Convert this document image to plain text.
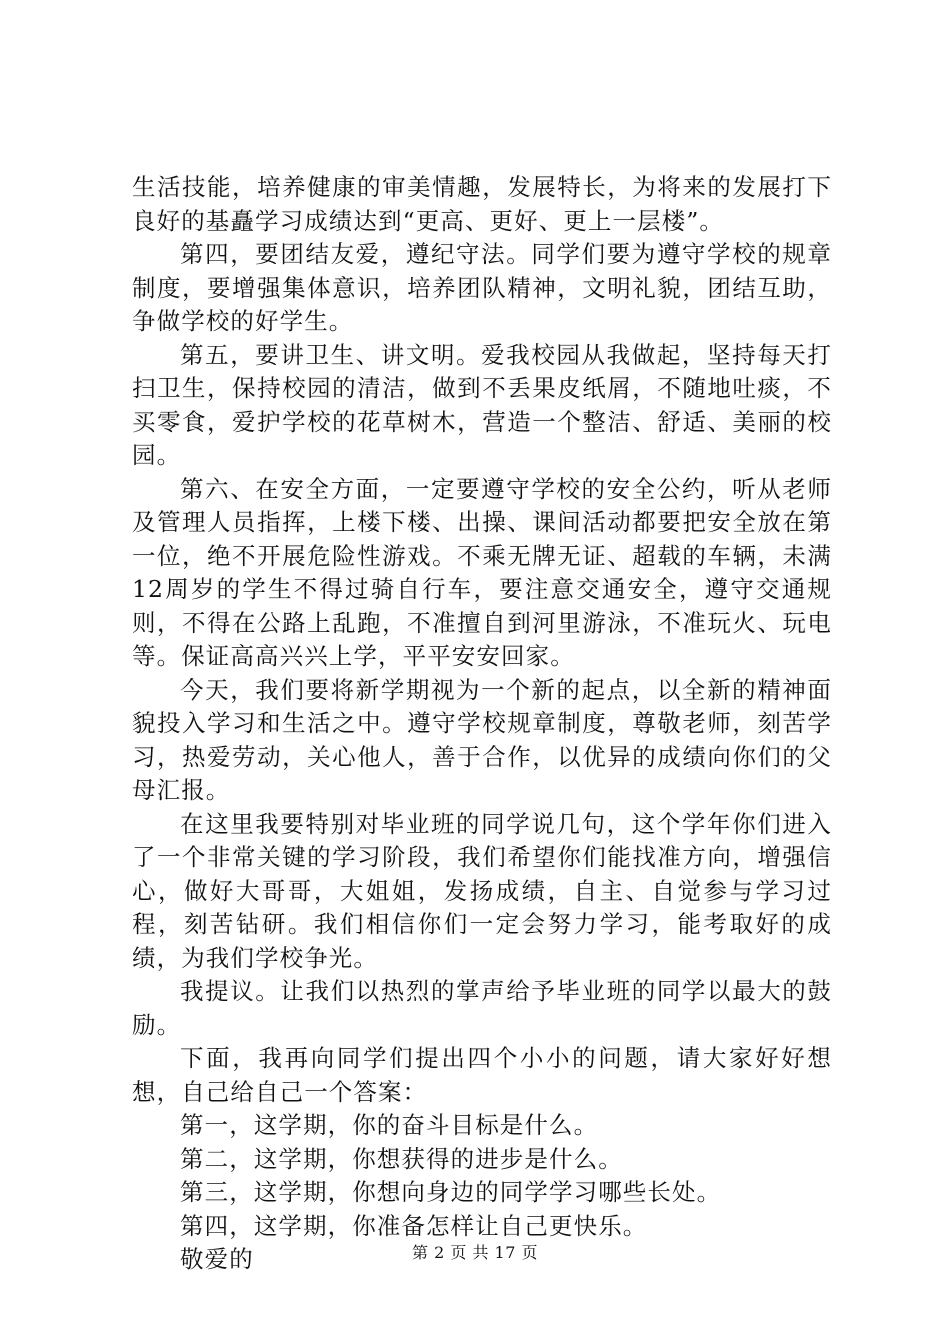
生活技能，培养健康的审美情趣，发展特长，为将来的发展打下良好的基矗学习成绩达到“更高、更好、更上一层楼”。

第四，要团结友爱，遵纪守法。同学们要为遵守学校的规章制度，要增强集体意识，培养团队精神，文明礼貌，团结互助，争做学校的好学生。

第五，要讲卫生、讲文明。爱我校园从我做起，坚持每天打扫卫生，保持校园的清洁，做到不丢果皮纸屑，不随地吐痰，不买零食，爱护学校的花草树木，营造一个整洁、舒适、美丽的校园。

第六、在安全方面，一定要遵守学校的安全公约，听从老师及管理人员指挥，上楼下楼、出操、课间活动都要把安全放在第一位，绝不开展危险性游戏。不乘无牌无证、超载的车辆，未满12周岁的学生不得过骑自行车，要注意交通安全，遵守交通规则，不得在公路上乱跑，不准擅自到河里游泳，不准玩火、玩电等。保证高高兴兴上学，平平安安回家。

今天，我们要将新学期视为一个新的起点，以全新的精神面貌投入学习和生活之中。遵守学校规章制度，尊敬老师，刻苦学习，热爱劳动，关心他人，善于合作，以优异的成绩向你们的父母汇报。

在这里我要特别对毕业班的同学说几句，这个学年你们进入了一个非常关键的学习阶段，我们希望你们能找准方向，增强信心，做好大哥哥，大姐姐，发扬成绩，自主、自觉参与学习过程，刻苦钻研。我们相信你们一定会努力学习，能考取好的成绩，为我们学校争光。

我提议。让我们以热烈的掌声给予毕业班的同学以最大的鼓励。

下面，我再向同学们提出四个小小的问题，请大家好好想想，自己给自己一个答案：

第一，这学期，你的奋斗目标是什么。

第二，这学期，你想获得的进步是什么。

第三，这学期，你想向身边的同学学习哪些长处。

第四，这学期，你准备怎样让自己更快乐。

敬爱的	第 2 页 共 17 页
